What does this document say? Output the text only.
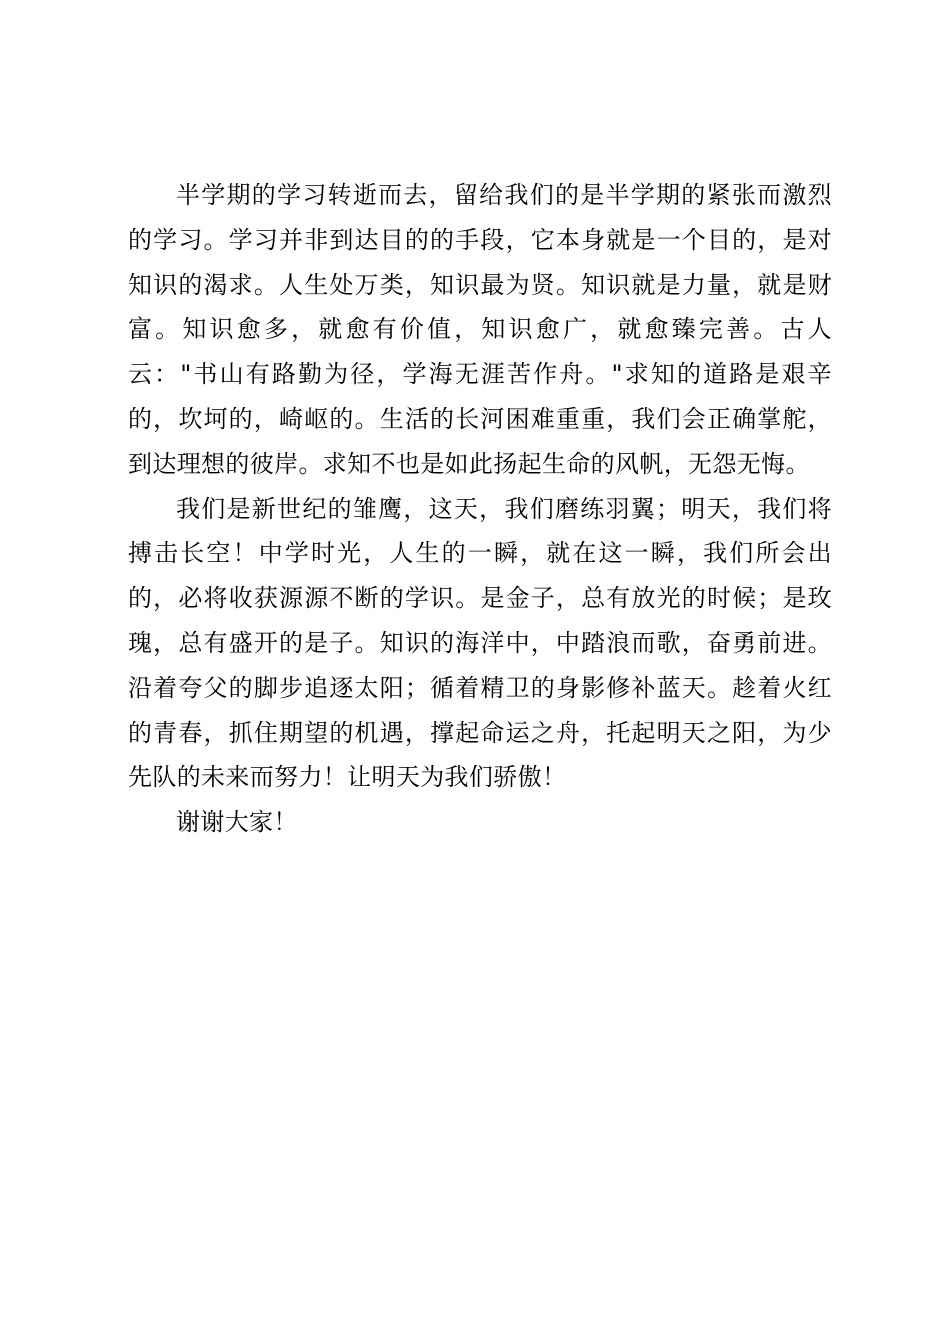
半学期的学习转逝而去，留给我们的是半学期的紧张而激烈的学习。学习并非到达目的的手段，它本身就是一个目的，是对知识的渴求。人生处万类，知识最为贤。知识就是力量，就是财富。知识愈多，就愈有价值，知识愈广，就愈臻完善。古人云："书山有路勤为径，学海无涯苦作舟。"求知的道路是艰辛的，坎坷的，崎岖的。生活的长河困难重重，我们会正确掌舵，到达理想的彼岸。求知不也是如此扬起生命的风帆，无怨无悔。

我们是新世纪的雏鹰，这天，我们磨练羽翼；明天，我们将搏击长空！中学时光，人生的一瞬，就在这一瞬，我们所会出的，必将收获源源不断的学识。是金子，总有放光的时候；是玫瑰，总有盛开的是子。知识的海洋中，中踏浪而歌，奋勇前进。沿着夸父的脚步追逐太阳；循着精卫的身影修补蓝天。趁着火红的青春，抓住期望的机遇，撑起命运之舟，托起明天之阳，为少先队的未来而努力！让明天为我们骄傲！

谢谢大家！
